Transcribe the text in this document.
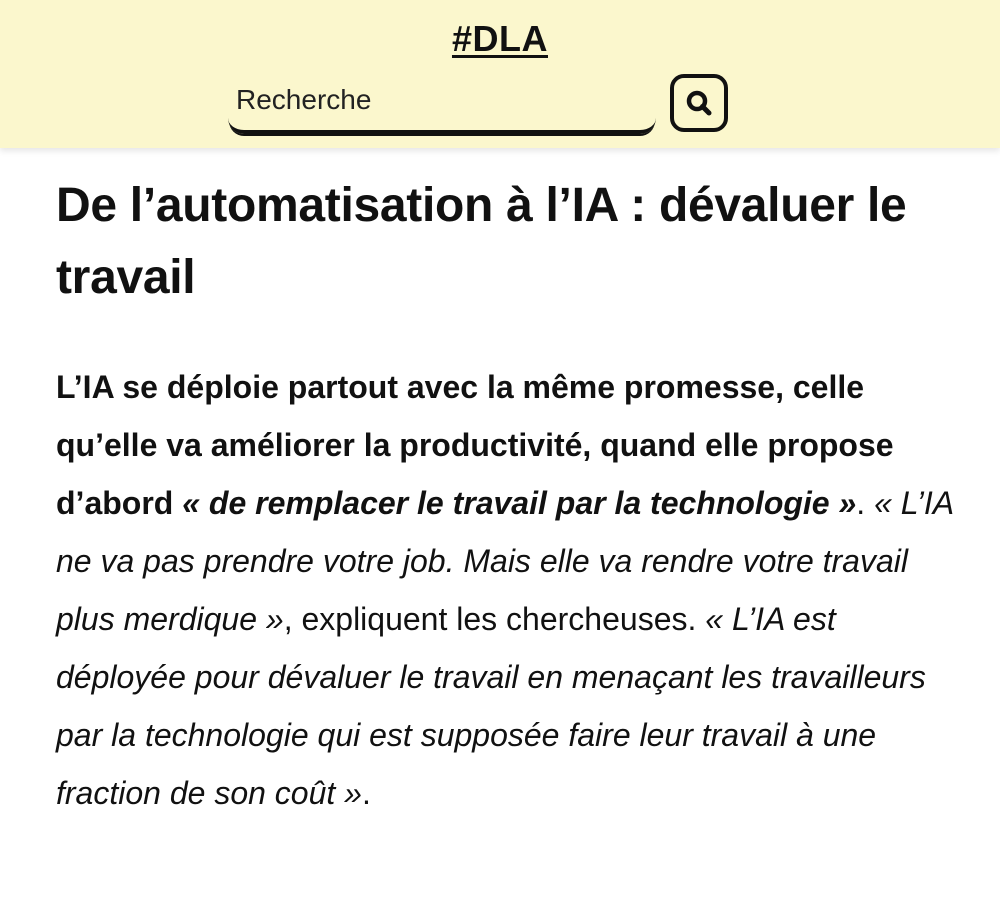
#DLA
Recherche
De l’automatisation à l’IA : dévaluer le travail

L’IA se déploie partout avec la même promesse, celle qu’elle va améliorer la productivité, quand elle propose d’abord « de remplacer le travail par la technologie ». « L’IA ne va pas prendre votre job. Mais elle va rendre votre travail plus merdique », expliquent les chercheuses. « L’IA est déployée pour dévaluer le travail en menaçant les travailleurs par la technologie qui est supposée faire leur travail à une fraction de son coût ».
